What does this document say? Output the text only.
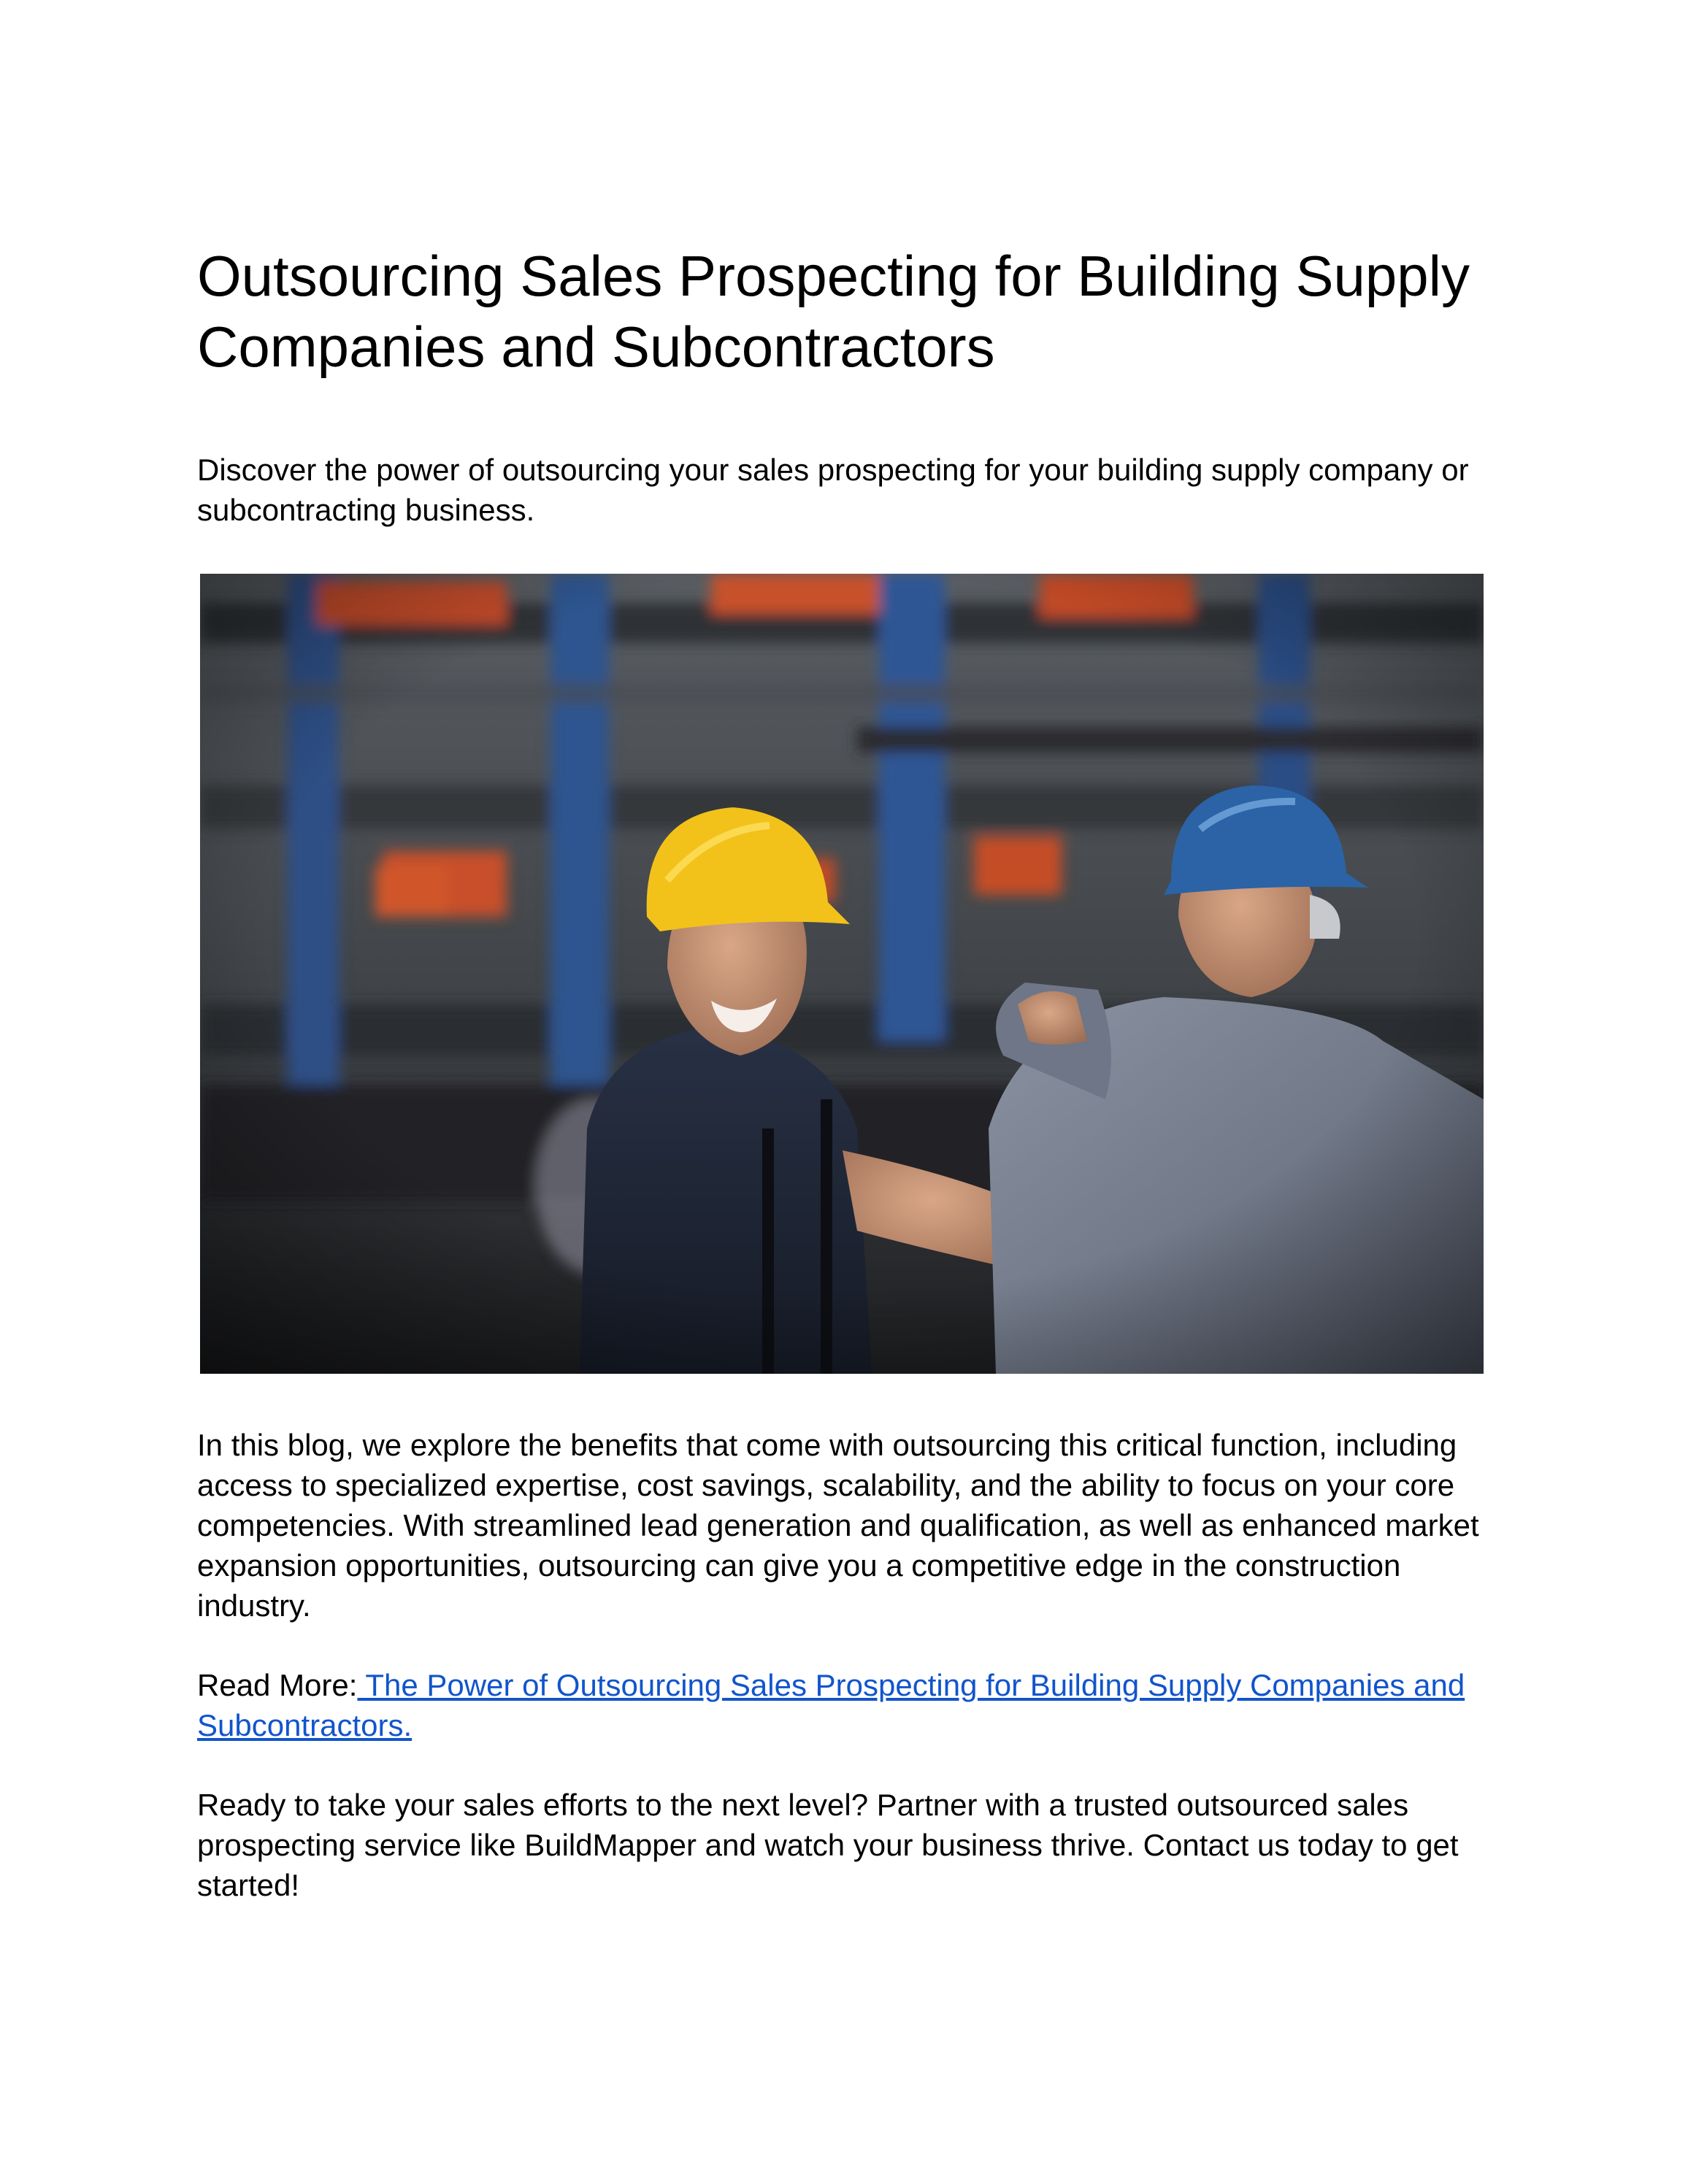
Outsourcing Sales Prospecting for Building Supply Companies and Subcontractors

Discover the power of outsourcing your sales prospecting for your building supply company or subcontracting business.

In this blog, we explore the benefits that come with outsourcing this critical function, including access to specialized expertise, cost savings, scalability, and the ability to focus on your core competencies. With streamlined lead generation and qualification, as well as enhanced market expansion opportunities, outsourcing can give you a competitive edge in the construction industry.

Read More: The Power of Outsourcing Sales Prospecting for Building Supply Companies and Subcontractors.

Ready to take your sales efforts to the next level? Partner with a trusted outsourced sales prospecting service like BuildMapper and watch your business thrive. Contact us today to get started!
